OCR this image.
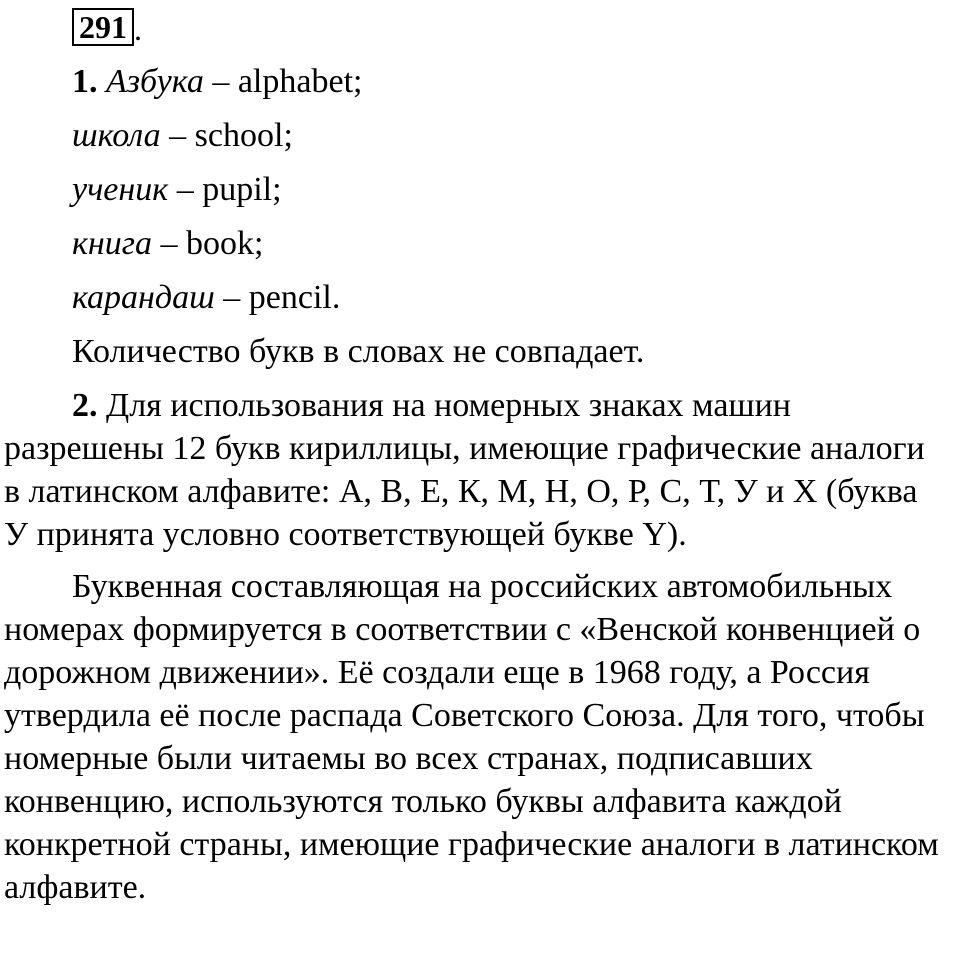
291 .
1. Азбука – alphabet;
школа – school;
ученик – pupil;
книга – book;
карандаш – pencil.
Количество букв в словах не совпадает.

2. Для использования на номерных знаках машин разрешены 12 букв кириллицы, имеющие графические аналоги в латинском алфавите: А, В, Е, К, М, Н, О, Р, С, Т, У и Х (буква У принята условно соответствующей букве Y).

Буквенная составляющая на российских автомобильных номерах формируется в соответствии с «Венской конвенцией о дорожном движении». Её создали еще в 1968 году, а Россия утвердила её после распада Советского Союза. Для того, чтобы номерные были читаемы во всех странах, подписавших конвенцию, используются только буквы алфавита каждой конкретной страны, имеющие графические аналоги в латинском алфавите.
